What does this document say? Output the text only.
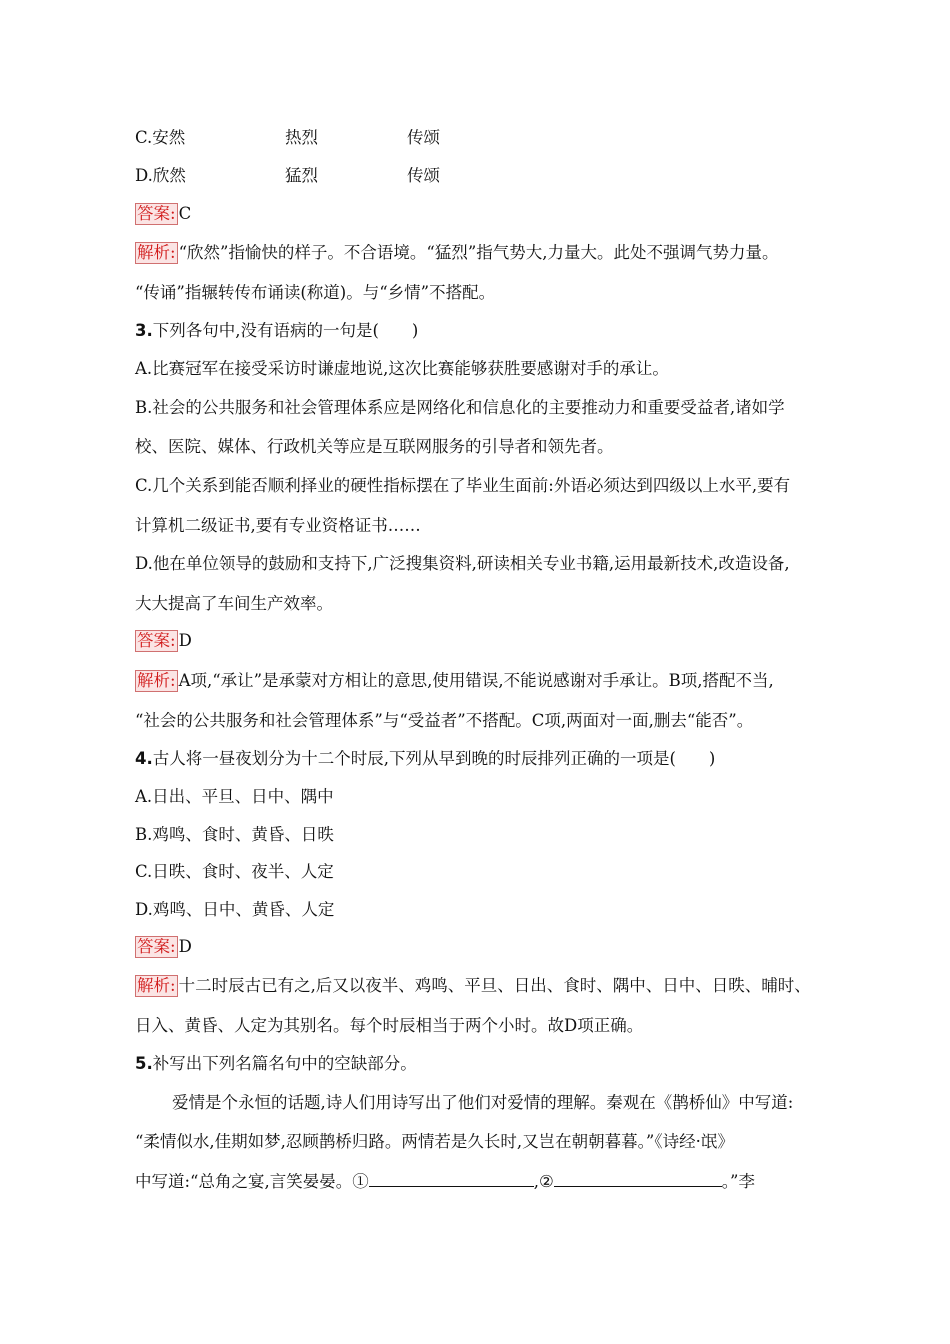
C.安然	热烈	传颂
D.欣然	猛烈	传颂
答案: C
解析: “欣然”指愉快的样子。不合语境。“猛烈”指气势大,力量大。此处不强调气势力量。
“传诵”指辗转传布诵读(称道)。与“乡情”不搭配。
3.下列各句中,没有语病的一句是(　　)
A.比赛冠军在接受采访时谦虚地说,这次比赛能够获胜要感谢对手的承让。
B.社会的公共服务和社会管理体系应是网络化和信息化的主要推动力和重要受益者,诸如学
校、医院、媒体、行政机关等应是互联网服务的引导者和领先者。
C.几个关系到能否顺利择业的硬性指标摆在了毕业生面前:外语必须达到四级以上水平,要有
计算机二级证书,要有专业资格证书……
D.他在单位领导的鼓励和支持下,广泛搜集资料,研读相关专业书籍,运用最新技术,改造设备,
大大提高了车间生产效率。
答案: D
解析: A项,“承让”是承蒙对方相让的意思,使用错误,不能说感谢对手承让。B项,搭配不当,
“社会的公共服务和社会管理体系”与“受益者”不搭配。C项,两面对一面,删去“能否”。
4.古人将一昼夜划分为十二个时辰,下列从早到晚的时辰排列正确的一项是(　　)
A.日出、平旦、日中、隅中
B.鸡鸣、食时、黄昏、日昳
C.日昳、食时、夜半、人定
D.鸡鸣、日中、黄昏、人定
答案: D
解析: 十二时辰古已有之,后又以夜半、鸡鸣、平旦、日出、食时、隅中、日中、日昳、晡时、
日入、黄昏、人定为其别名。每个时辰相当于两个小时。故D项正确。
5.补写出下列名篇名句中的空缺部分。
爱情是个永恒的话题,诗人们用诗写出了他们对爱情的理解。秦观在《鹊桥仙》中写道:
“柔情似水,佳期如梦,忍顾鹊桥归路。两情若是久长时,又岂在朝朝暮暮。”《诗经·氓》
中写道:“总角之宴,言笑晏晏。①	,②	。”李
